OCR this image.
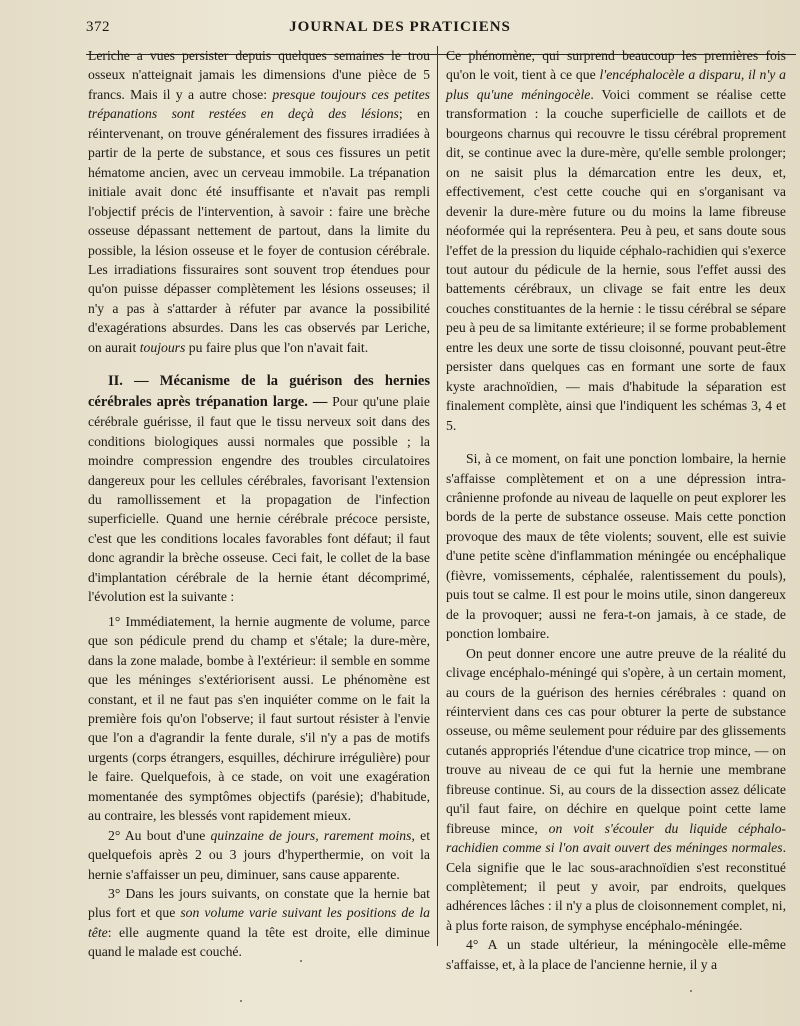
372	JOURNAL DES PRATICIENS

Leriche a vues persister depuis quelques semaines le trou osseux n'atteignait jamais les dimensions d'une pièce de 5 francs. Mais il y a autre chose: presque toujours ces petites trépanations sont restées en deçà des lésions; en réintervenant, on trouve généralement des fissures irradiées à partir de la perte de substance, et sous ces fissures un petit hématome ancien, avec un cerveau immobile. La trépanation initiale avait donc été insuffisante et n'avait pas rempli l'objectif précis de l'intervention, à savoir : faire une brèche osseuse dépassant nettement de partout, dans la limite du possible, la lésion osseuse et le foyer de contusion cérébrale. Les irradiations fissuraires sont souvent trop étendues pour qu'on puisse dépasser complètement les lésions osseuses; il n'y a pas à s'attarder à réfuter par avance la possibilité d'exagérations absurdes. Dans les cas observés par Leriche, on aurait toujours pu faire plus que l'on n'avait fait.

II. — Mécanisme de la guérison des hernies cérébrales après trépanation large. — Pour qu'une plaie cérébrale guérisse, il faut que le tissu nerveux soit dans des conditions biologiques aussi normales que possible ; la moindre compression engendre des troubles circulatoires dangereux pour les cellules cérébrales, favorisant l'extension du ramollissement et la propagation de l'infection superficielle. Quand une hernie cérébrale précoce persiste, c'est que les conditions locales favorables font défaut; il faut donc agrandir la brèche osseuse. Ceci fait, le collet de la base d'implantation cérébrale de la hernie étant décomprimé, l'évolution est la suivante :

1° Immédiatement, la hernie augmente de volume, parce que son pédicule prend du champ et s'étale; la dure-mère, dans la zone malade, bombe à l'extérieur: il semble en somme que les méninges s'extériorisent aussi. Le phénomène est constant, et il ne faut pas s'en inquiéter comme on le fait la première fois qu'on l'observe; il faut surtout résister à l'envie que l'on a d'agrandir la fente durale, s'il n'y a pas de motifs urgents (corps étrangers, esquilles, déchirure irrégulière) pour le faire. Quelquefois, à ce stade, on voit une exagération momentanée des symptômes objectifs (parésie); d'habitude, au contraire, les blessés vont rapidement mieux.

2° Au bout d'une quinzaine de jours, rarement moins, et quelquefois après 2 ou 3 jours d'hyperthermie, on voit la hernie s'affaisser un peu, diminuer, sans cause apparente.

3° Dans les jours suivants, on constate que la hernie bat plus fort et que son volume varie suivant les positions de la tête: elle augmente quand la tête est droite, elle diminue quand le malade est couché.

Ce phénomène, qui surprend beaucoup les premières fois qu'on le voit, tient à ce que l'encéphalocèle a disparu, il n'y a plus qu'une méningocèle. Voici comment se réalise cette transformation : la couche superficielle de caillots et de bourgeons charnus qui recouvre le tissu cérébral proprement dit, se continue avec la dure-mère, qu'elle semble prolonger; on ne saisit plus la démarcation entre les deux, et, effectivement, c'est cette couche qui en s'organisant va devenir la dure-mère future ou du moins la lame fibreuse néoformée qui la représentera. Peu à peu, et sans doute sous l'effet de la pression du liquide céphalo-rachidien qui s'exerce tout autour du pédicule de la hernie, sous l'effet aussi des battements cérébraux, un clivage se fait entre les deux couches constituantes de la hernie : le tissu cérébral se sépare peu à peu de sa limitante extérieure; il se forme probablement entre les deux une sorte de tissu cloisonné, pouvant peut-être persister dans quelques cas en formant une sorte de faux kyste arachnoïdien, — mais d'habitude la séparation est finalement complète, ainsi que l'indiquent les schémas 3, 4 et 5.

Si, à ce moment, on fait une ponction lombaire, la hernie s'affaisse complètement et on a une dépression intra-crânienne profonde au niveau de laquelle on peut explorer les bords de la perte de substance osseuse. Mais cette ponction provoque des maux de tête violents; souvent, elle est suivie d'une petite scène d'inflammation méningée ou encéphalique (fièvre, vomissements, céphalée, ralentissement du pouls), puis tout se calme. Il est pour le moins utile, sinon dangereux de la provoquer; aussi ne fera-t-on jamais, à ce stade, de ponction lombaire.

On peut donner encore une autre preuve de la réalité du clivage encéphalo-méningé qui s'opère, à un certain moment, au cours de la guérison des hernies cérébrales : quand on réintervient dans ces cas pour obturer la perte de substance osseuse, ou même seulement pour réduire par des glissements cutanés appropriés l'étendue d'une cicatrice trop mince, — on trouve au niveau de ce qui fut la hernie une membrane fibreuse continue. Si, au cours de la dissection assez délicate qu'il faut faire, on déchire en quelque point cette lame fibreuse mince, on voit s'écouler du liquide céphalo-rachidien comme si l'on avait ouvert des méninges normales. Cela signifie que le lac sous-arachnoïdien s'est reconstitué complètement; il peut y avoir, par endroits, quelques adhérences lâches : il n'y a plus de cloisonnement complet, ni, à plus forte raison, de symphyse encéphalo-méningée.

4° A un stade ultérieur, la méningocèle elle-même s'affaisse, et, à la place de l'ancienne hernie, il y a
